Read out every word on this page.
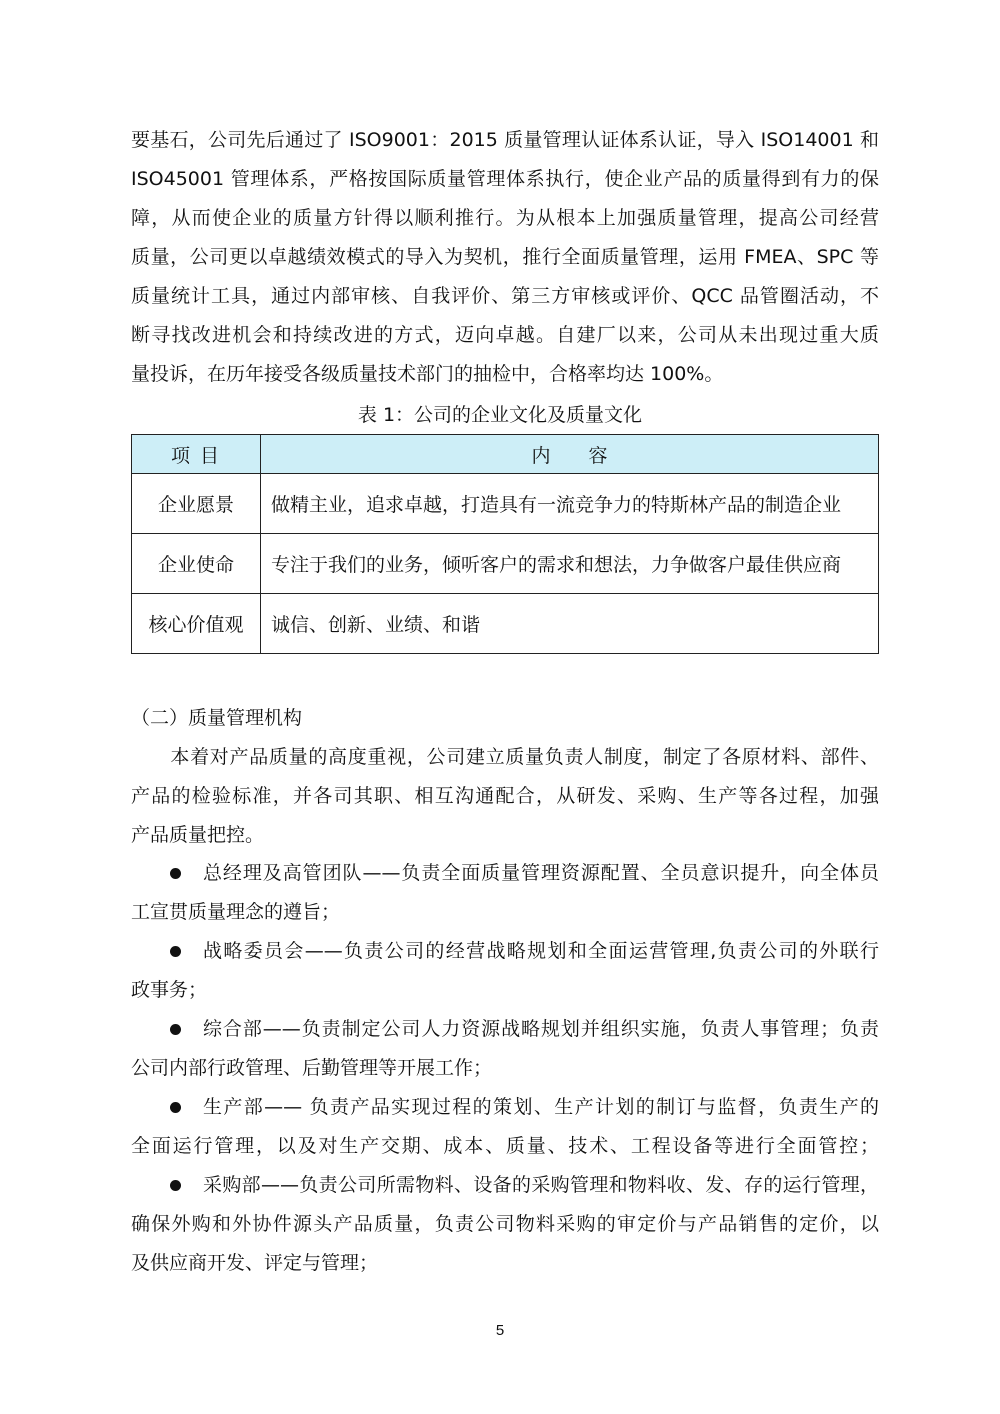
要基石，公司先后通过了 ISO9001：2015 质量管理认证体系认证，导入 ISO14001 和
ISO45001 管理体系，严格按国际质量管理体系执行，使企业产品的质量得到有力的保
障，从而使企业的质量方针得以顺利推行。为从根本上加强质量管理，提高公司经营
质量，公司更以卓越绩效模式的导入为契机，推行全面质量管理，运用 FMEA、SPC 等
质量统计工具，通过内部审核、自我评价、第三方审核或评价、QCC 品管圈活动，不
断寻找改进机会和持续改进的方式，迈向卓越。自建厂以来，公司从未出现过重大质
量投诉，在历年接受各级质量技术部门的抽检中，合格率均达 100%。
表 1：公司的企业文化及质量文化
项 目	内　　容
企业愿景	做精主业，追求卓越，打造具有一流竞争力的特斯林产品的制造企业
企业使命	专注于我们的业务，倾听客户的需求和想法，力争做客户最佳供应商
核心价值观	诚信、创新、业绩、和谐
（二）质量管理机构
　　本着对产品质量的高度重视，公司建立质量负责人制度，制定了各原材料、部件、
产品的检验标准，并各司其职、相互沟通配合，从研发、采购、生产等各过程，加强
产品质量把控。
总经理及高管团队——负责全面质量管理资源配置、全员意识提升，向全体员
工宣贯质量理念的遵旨；
战略委员会——负责公司的经营战略规划和全面运营管理,负责公司的外联行
政事务；
综合部——负责制定公司人力资源战略规划并组织实施，负责人事管理；负责
公司内部行政管理、后勤管理等开展工作；
生产部—— 负责产品实现过程的策划、生产计划的制订与监督，负责生产的
全面运行管理，以及对生产交期、成本、质量、技术、工程设备等进行全面管控；
采购部——负责公司所需物料、设备的采购管理和物料收、发、存的运行管理，
确保外购和外协件源头产品质量，负责公司物料采购的审定价与产品销售的定价，以
及供应商开发、评定与管理；
5
